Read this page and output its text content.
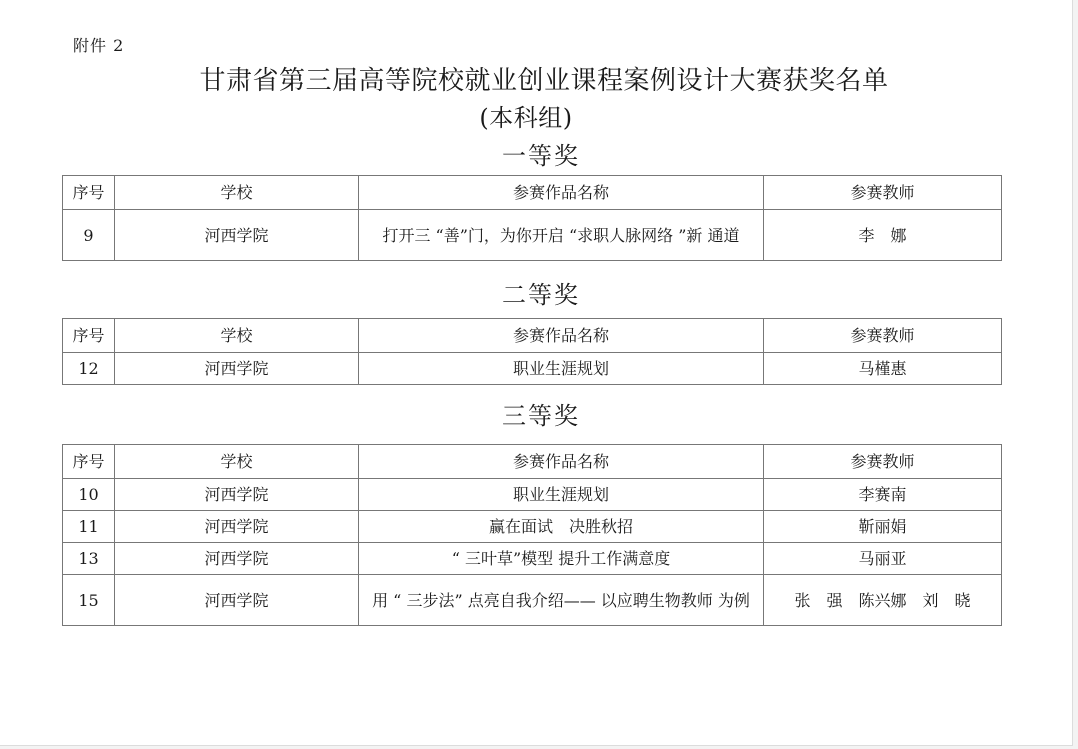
附件 2
甘肃省第三届高等院校就业创业课程案例设计大赛获奖名单
(本科组)
一等奖
序号	学校	参赛作品名称	参赛教师
9	河西学院	打开三 “善”门，为你开启 “求职人脉网络 ”新 通道	李　娜
二等奖
序号	学校	参赛作品名称	参赛教师
12	河西学院	职业生涯规划	马槿惠
三等奖
序号	学校	参赛作品名称	参赛教师
10	河西学院	职业生涯规划	李赛南
11	河西学院	赢在面试　决胜秋招	靳丽娟
13	河西学院	“ 三叶草”模型 提升工作满意度	马丽亚
15	河西学院	用 “ 三步法” 点亮自我介绍—— 以应聘生物教师 为例	张　强　陈兴娜　刘　晓
